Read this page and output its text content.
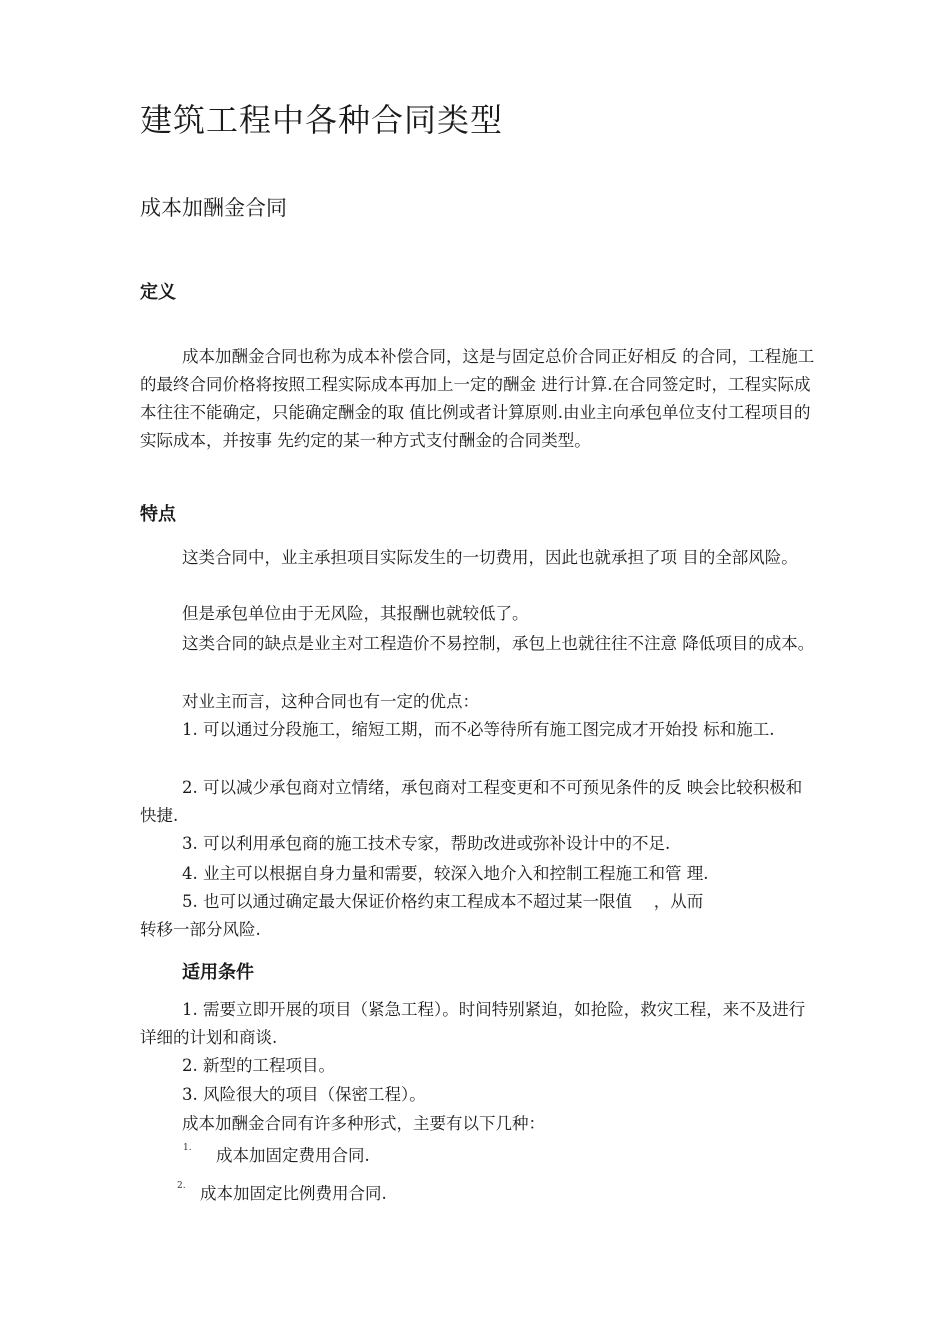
建筑工程中各种合同类型
成本加酬金合同
定义

成本加酬金合同也称为成本补偿合同，这是与固定总价合同正好相反 的合同，工程施工的最终合同价格将按照工程实际成本再加上一定的酬金 进行计算.在合同签定时，工程实际成本往往不能确定，只能确定酬金的取 值比例或者计算原则.由业主向承包单位支付工程项目的实际成本，并按事 先约定的某一种方式支付酬金的合同类型。

特点

这类合同中，业主承担项目实际发生的一切费用，因此也就承担了项 目的全部风险。

但是承包单位由于无风险，其报酬也就较低了。

这类合同的缺点是业主对工程造价不易控制，承包上也就往往不注意 降低项目的成本。

对业主而言，这种合同也有一定的优点：

1. 可以通过分段施工，缩短工期，而不必等待所有施工图完成才开始投 标和施工.

2. 可以减少承包商对立情绪，承包商对工程变更和不可预见条件的反 映会比较积极和快捷.

3. 可以利用承包商的施工技术专家，帮助改进或弥补设计中的不足.

4. 业主可以根据自身力量和需要，较深入地介入和控制工程施工和管 理.

5. 也可以通过确定最大保证价格约束工程成本不超过某一限值　 ，从而

转移一部分风险.

适用条件

1. 需要立即开展的项目（紧急工程）。时间特别紧迫，如抢险，救灾工程，来不及进行详细的计划和商谈.

2. 新型的工程项目。

3. 风险很大的项目（保密工程）。

成本加酬金合同有许多种形式，主要有以下几种：

1. 成本加固定费用合同.
2. 成本加固定比例费用合同.
